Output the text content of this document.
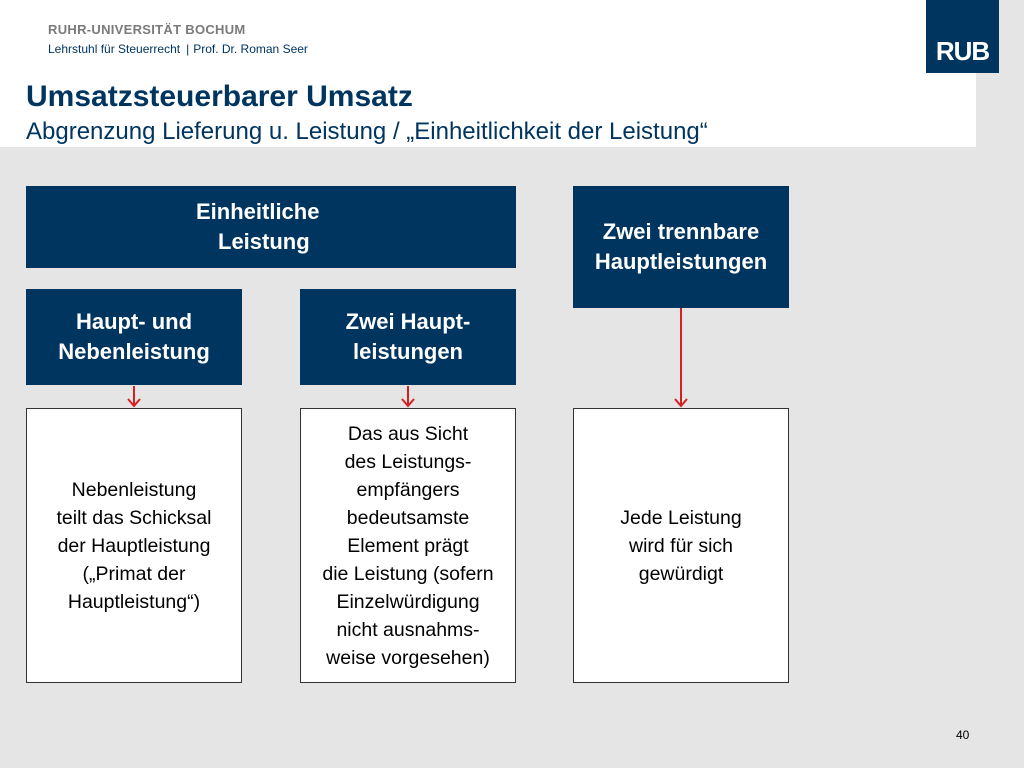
RUHR-UNIVERSITÄT BOCHUM
Lehrstuhl für Steuerrecht | Prof. Dr. Roman Seer	RUB
Umsatzsteuerbarer Umsatz
Abgrenzung Lieferung u. Leistung / „Einheitlichkeit der Leistung“
Einheitliche
Leistung	Zwei trennbare
Hauptleistungen
Haupt- und
Nebenleistung
Zwei Haupt-
leistungen
Nebenleistung
teilt das Schicksal
der Hauptleistung
(„Primat der
Hauptleistung“)
Das aus Sicht
des Leistungs-
empfängers
bedeutsamste
Element prägt
die Leistung (sofern
Einzelwürdigung
nicht ausnahms-
weise vorgesehen)
Jede Leistung
wird für sich
gewürdigt
40
